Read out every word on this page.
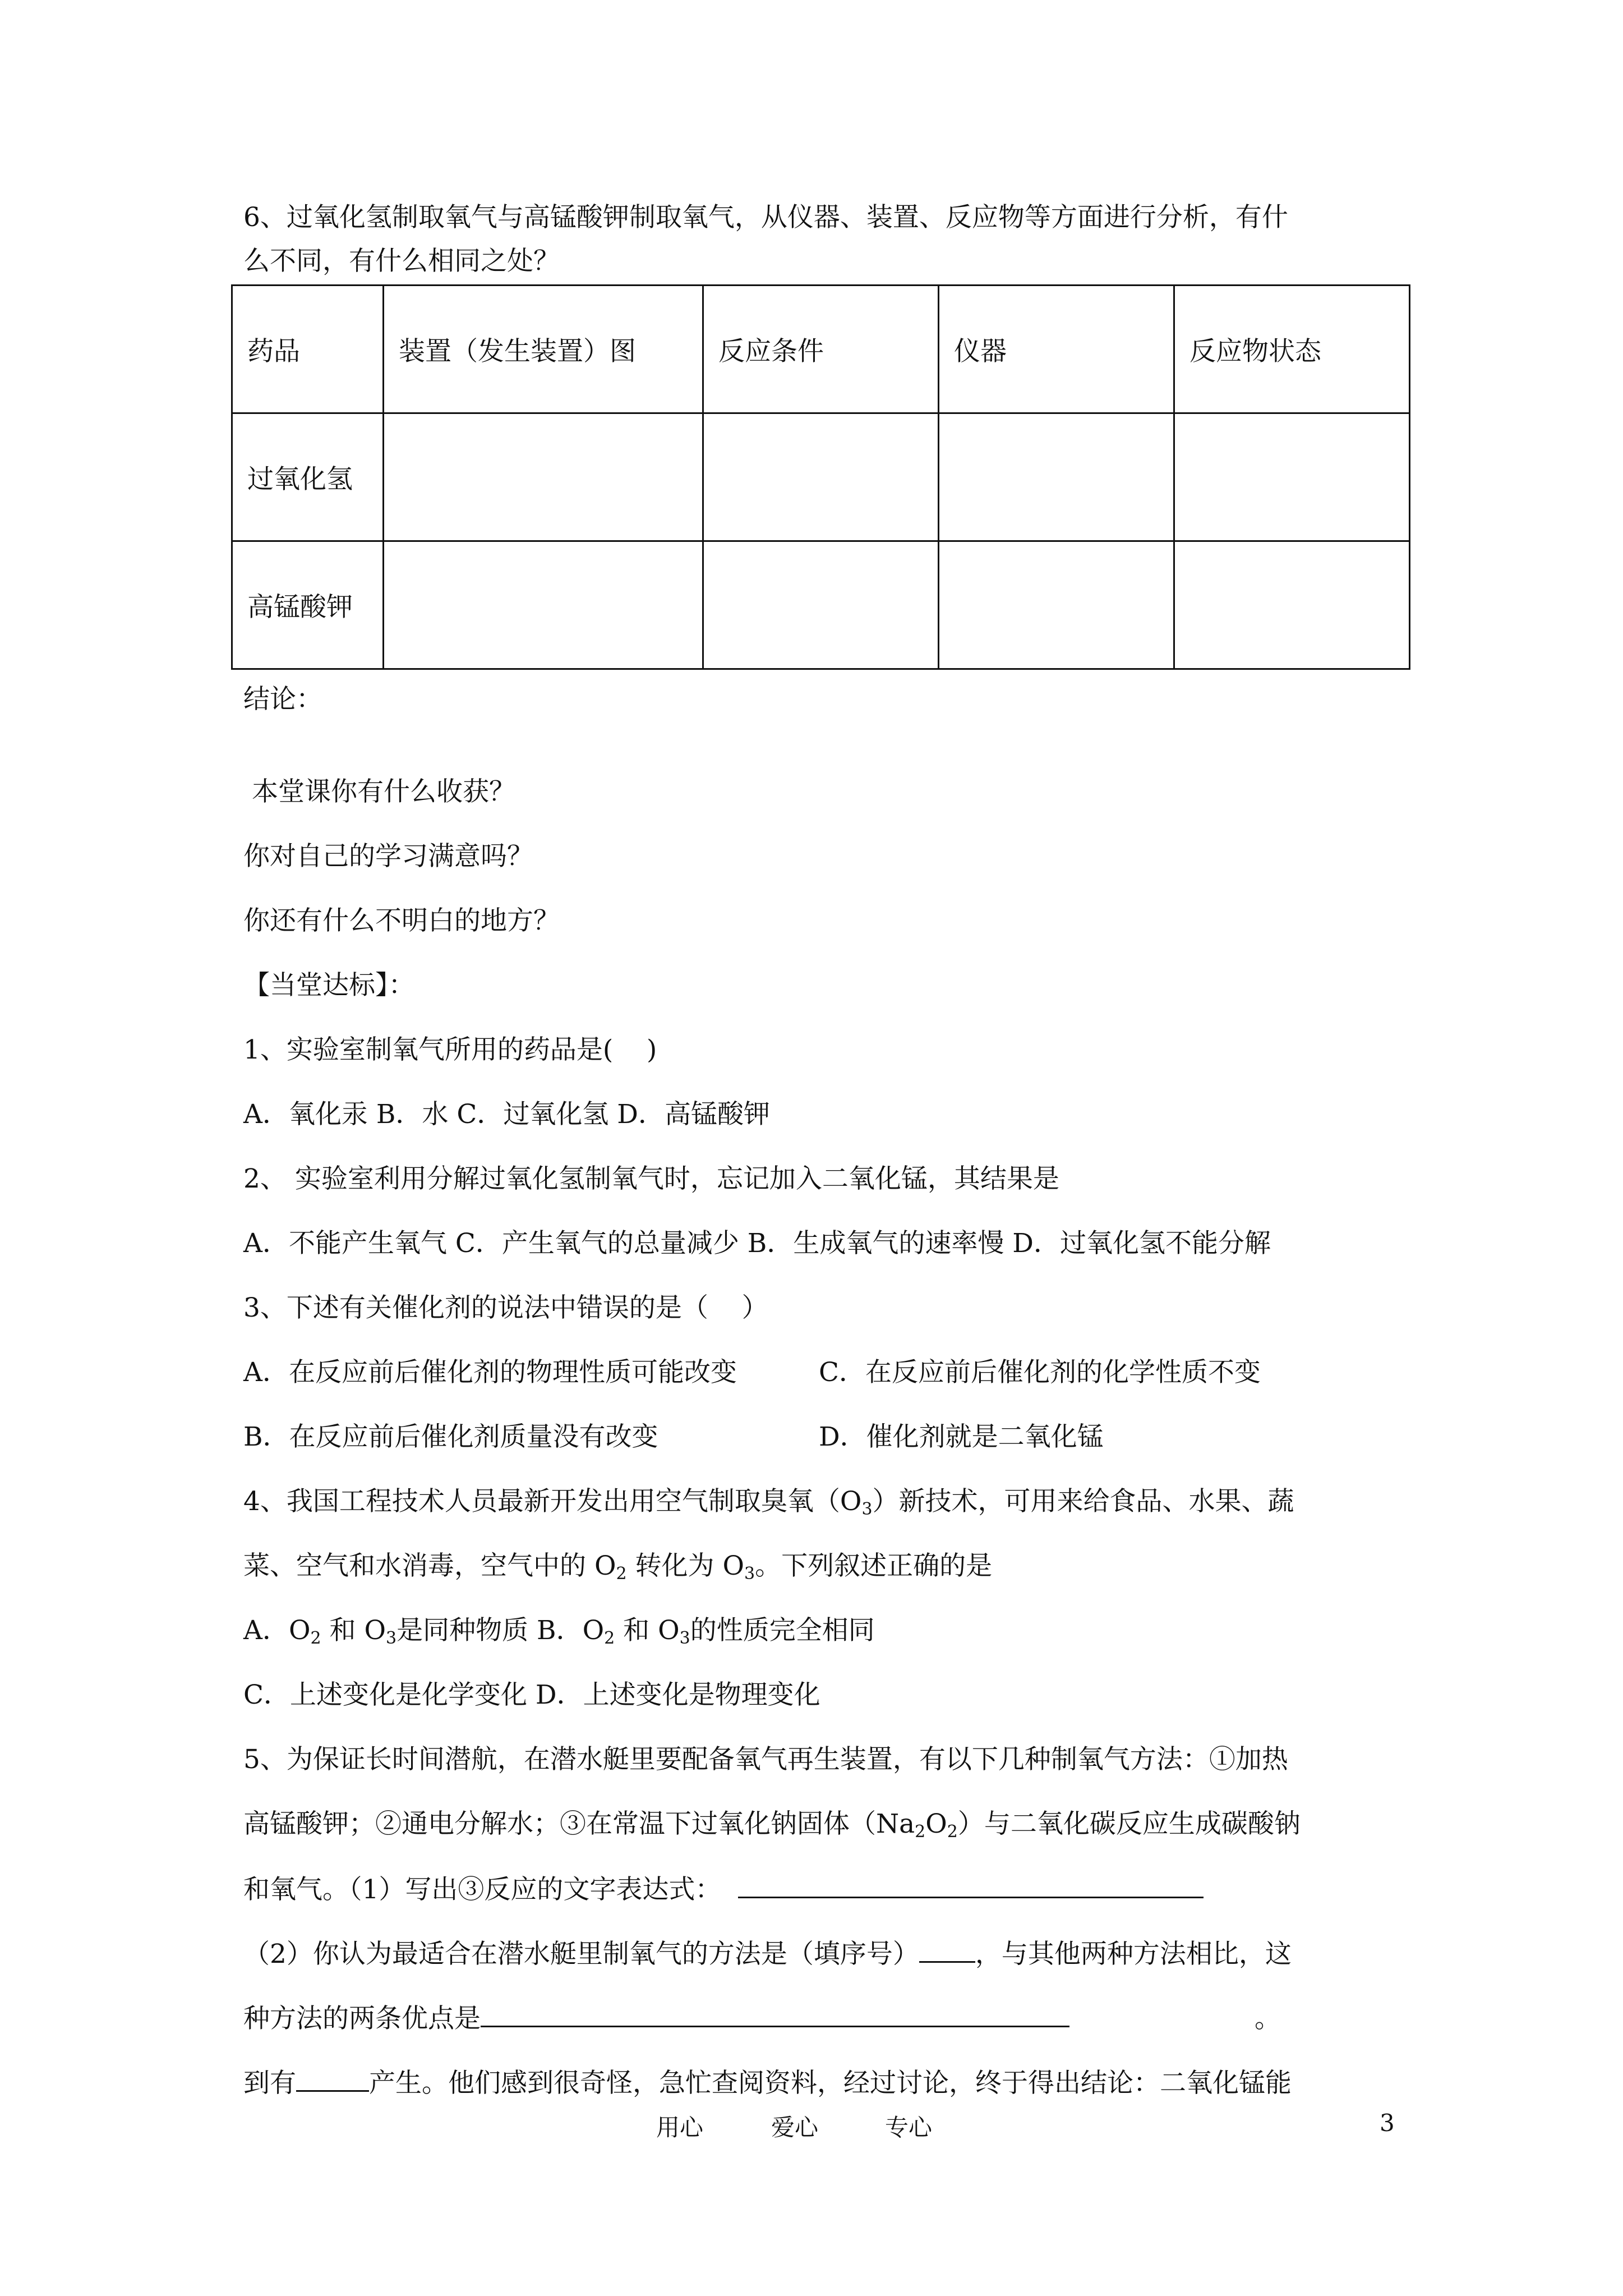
6、过氧化氢制取氧气与高锰酸钾制取氧气，从仪器、装置、反应物等方面进行分析，有什
么不同，有什么相同之处？
药品	装置（发生装置）图	反应条件	仪器	反应物状态
过氧化氢				
高锰酸钾				
结论：
本堂课你有什么收获？
你对自己的学习满意吗？
你还有什么不明白的地方？
【当堂达标】：
1、实验室制氧气所用的药品是(    )
A．氧化汞 B．水 C．过氧化氢 D．高锰酸钾
2、 实验室利用分解过氧化氢制氧气时，忘记加入二氧化锰，其结果是
A．不能产生氧气 C．产生氧气的总量减少 B．生成氧气的速率慢 D．过氧化氢不能分解
3、下述有关催化剂的说法中错误的是（    ）
A．在反应前后催化剂的物理性质可能改变	C．在反应前后催化剂的化学性质不变
B．在反应前后催化剂质量没有改变	D．催化剂就是二氧化锰
4、我国工程技术人员最新开发出用空气制取臭氧$(O_3)$新技术，可用来给食品、水果、蔬
菜、空气和水消毒，空气中的 $O_2$ 转化为 $O_3$。下列叙述正确的是
A．$O_2$ 和 $O_3$是同种物质 B．$O_2$ 和 $O_3$的性质完全相同
C．上述变化是化学变化 D．上述变化是物理变化
5、为保证长时间潜航，在潜水艇里要配备氧气再生装置，有以下几种制氧气方法：①加热
高锰酸钾；②通电分解水；③在常温下过氧化钠固体$(Na_2O_2)$与二氧化碳反应生成碳酸钠
和氧气。（1）写出③反应的文字表达式：
（2）你认为最适合在潜水艇里制氧气的方法是（填序号） ，与其他两种方法相比，这
种方法的两条优点是	。
到有	产生。他们感到很奇怪，急忙查阅资料，经过讨论，终于得出结论：二氧化锰能
用心	爱心	专心	3
